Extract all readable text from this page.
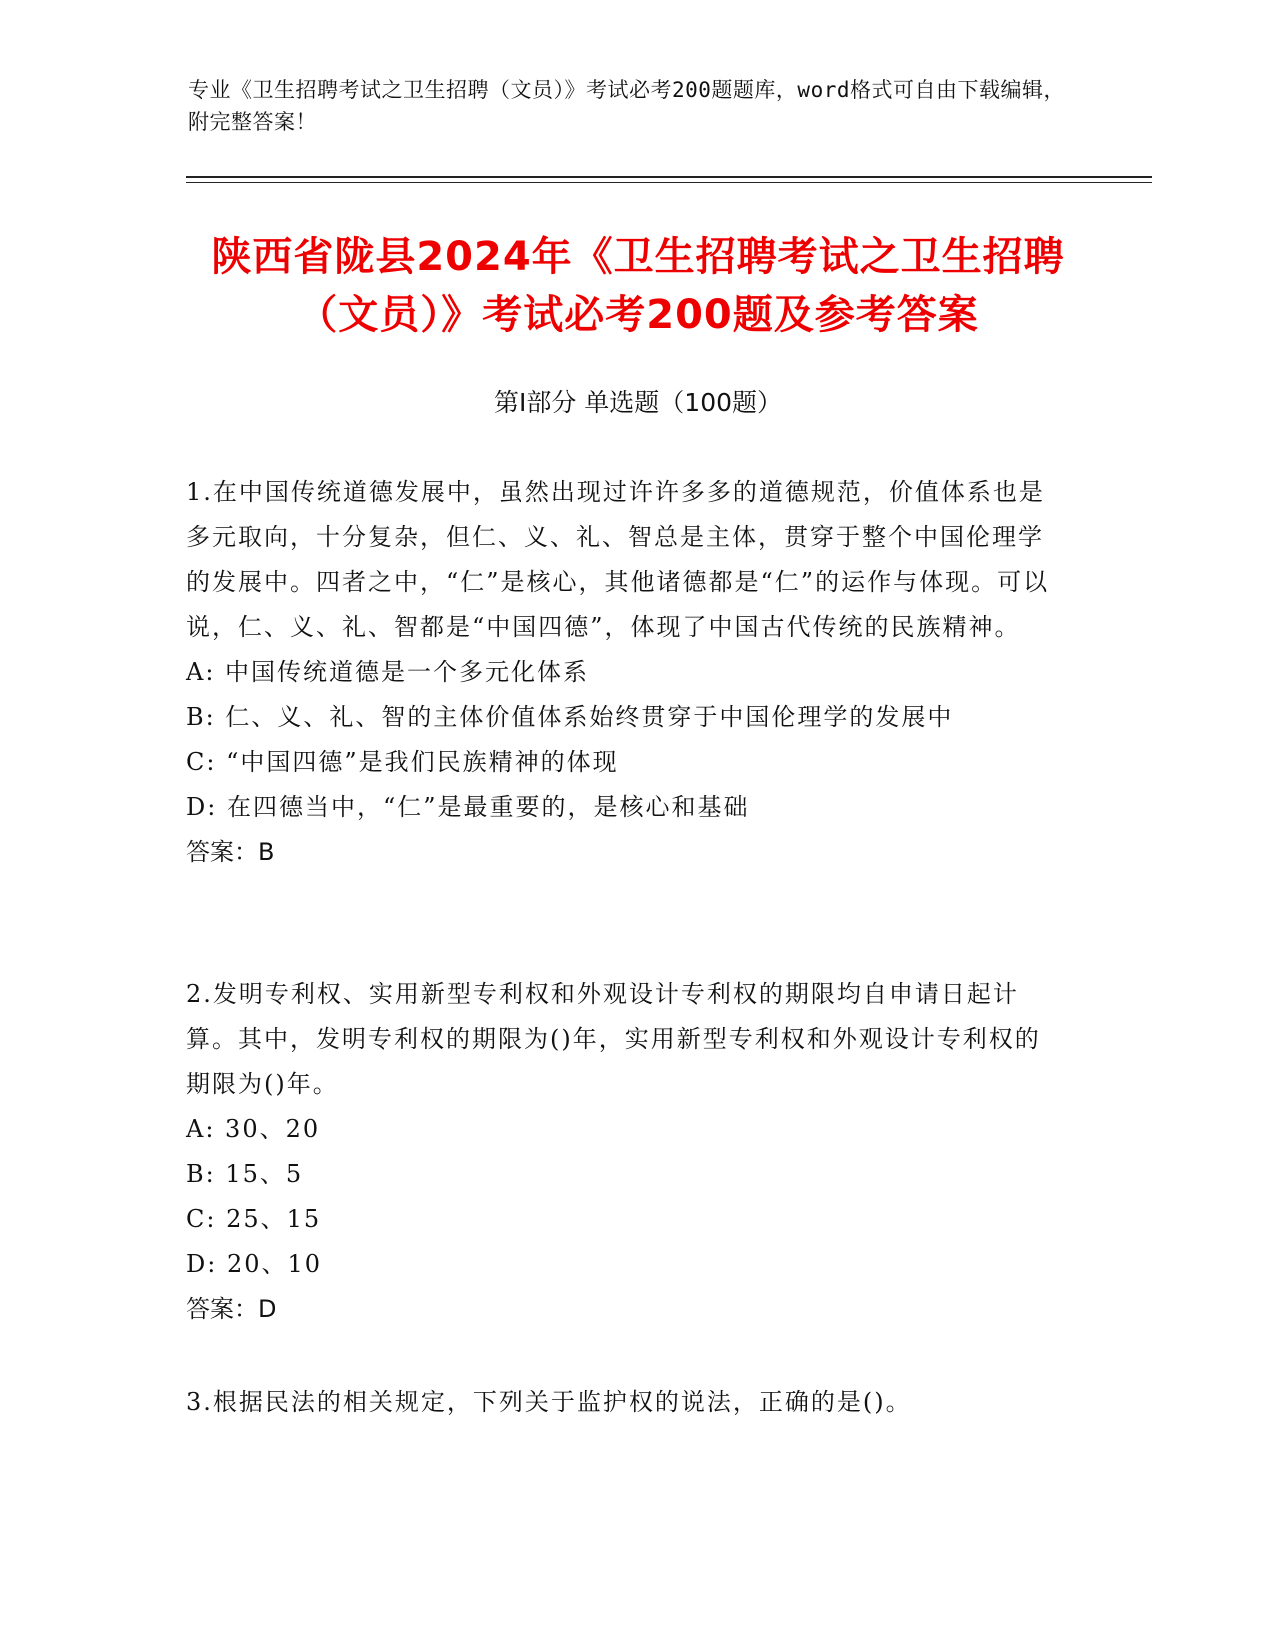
专业《卫生招聘考试之卫生招聘（文员）》考试必考200题题库，word格式可自由下载编辑，附完整答案！
陕西省陇县2024年《卫生招聘考试之卫生招聘（文员）》考试必考200题及参考答案
第Ⅰ部分 单选题（100题）

1.在中国传统道德发展中，虽然出现过许许多多的道德规范，价值体系也是多元取向，十分复杂，但仁、义、礼、智总是主体，贯穿于整个中国伦理学的发展中。四者之中，“仁”是核心，其他诸德都是“仁”的运作与体现。可以说，仁、义、礼、智都是“中国四德”，体现了中国古代传统的民族精神。

A: 中国传统道德是一个多元化体系

B: 仁、义、礼、智的主体价值体系始终贯穿于中国伦理学的发展中

C: “中国四德”是我们民族精神的体现

D: 在四德当中，“仁”是最重要的，是核心和基础

答案：B

2.发明专利权、实用新型专利权和外观设计专利权的期限均自申请日起计算。其中，发明专利权的期限为()年，实用新型专利权和外观设计专利权的期限为()年。

A: 30、20

B: 15、5

C: 25、15

D: 20、10

答案：D

3.根据民法的相关规定，下列关于监护权的说法，正确的是()。
